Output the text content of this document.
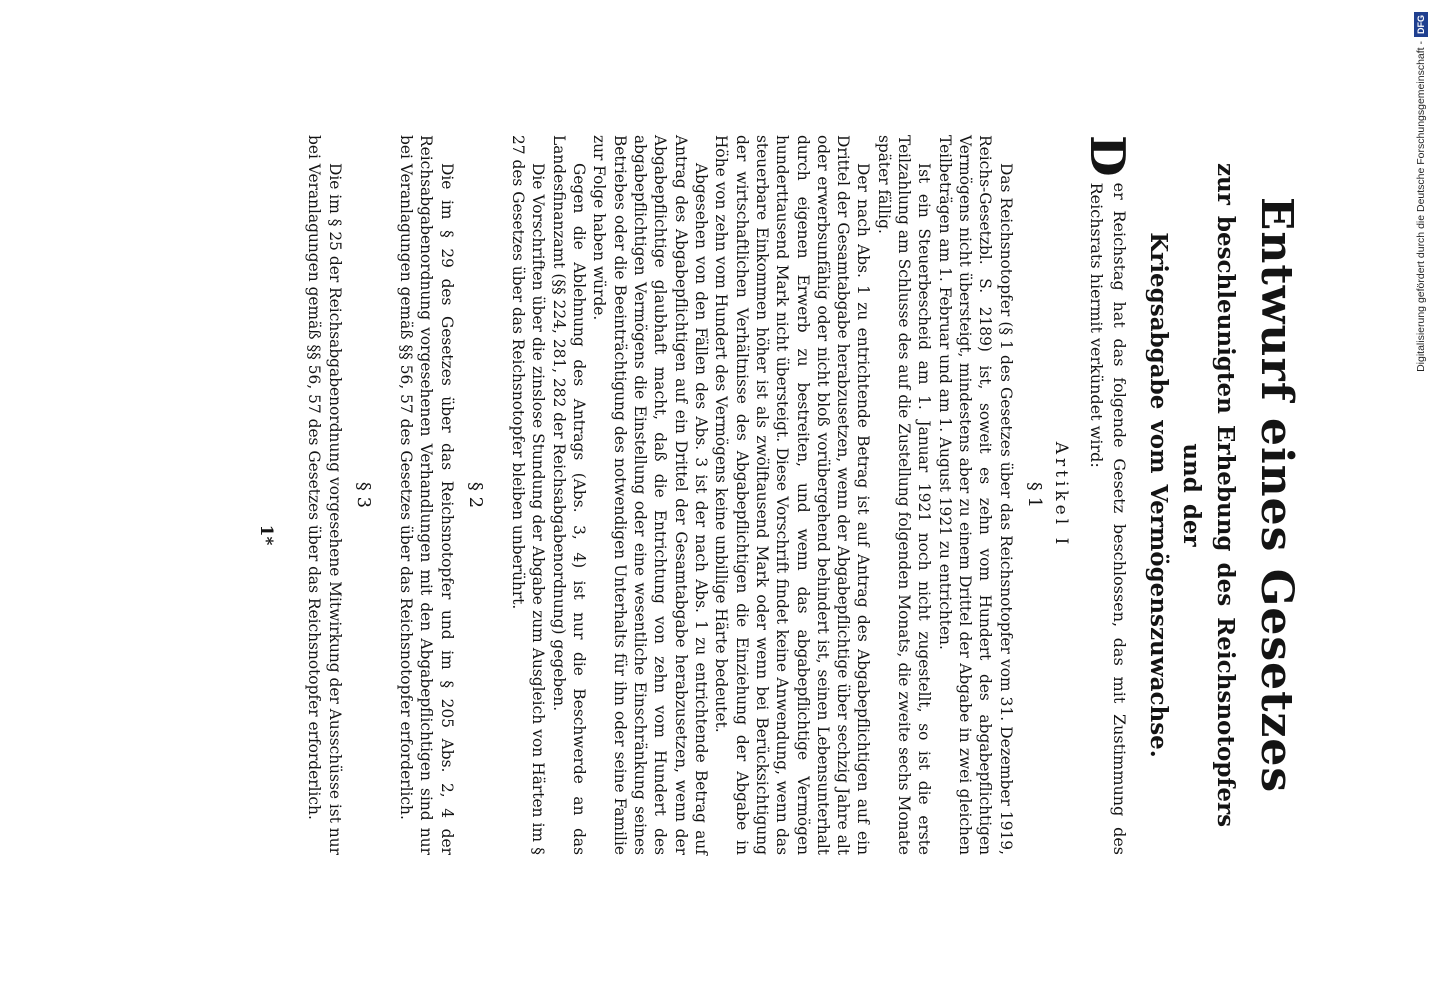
Entwurf eines Gesetzes
zur beschleunigten Erhebung des Reichsnotopfers und der
Kriegsabgabe vom Vermögenszuwachse.

D
er Reichstag hat das folgende Gesetz beschlossen, das mit Zustimmung des Reichsrats hiermit verkündet wird:

Artikel I
§ 1

Das Reichsnotopfer (§ 1 des Gesetzes über das Reichsnotopfer vom 31. Dezember 1919, Reichs-Gesetzbl. S. 2189) ist, soweit es zehn vom Hundert des abgabepflichtigen Vermögens nicht übersteigt, mindestens aber zu einem Drittel der Abgabe in zwei gleichen Teilbeträgen am 1. Februar und am 1. August 1921 zu entrichten.

Ist ein Steuerbescheid am 1. Januar 1921 noch nicht zugestellt, so ist die erste Teilzahlung am Schlusse des auf die Zustellung folgenden Monats, die zweite sechs Monate später fällig.

Der nach Abs. 1 zu entrichtende Betrag ist auf Antrag des Abgabepflichtigen auf ein Drittel der Gesamtabgabe herabzusetzen, wenn der Abgabepflichtige über sechzig Jahre alt oder erwerbsunfähig oder nicht bloß vorübergehend behindert ist, seinen Lebensunterhalt durch eigenen Erwerb zu bestreiten, und wenn das abgabepflichtige Vermögen hunderttausend Mark nicht übersteigt. Diese Vorschrift findet keine Anwendung, wenn das steuerbare Einkommen höher ist als zwölftausend Mark oder wenn bei Berücksichtigung der wirtschaftlichen Verhältnisse des Abgabepflichtigen die Einziehung der Abgabe in Höhe von zehn vom Hundert des Vermögens keine unbillige Härte bedeutet.

Abgesehen von den Fällen des Abs. 3 ist der nach Abs. 1 zu entrichtende Betrag auf Antrag des Abgabepflichtigen auf ein Drittel der Gesamtabgabe herabzusetzen, wenn der Abgabepflichtige glaubhaft macht, daß die Entrichtung von zehn vom Hundert des abgabepflichtigen Vermögens die Einstellung oder eine wesentliche Einschränkung seines Betriebes oder die Beeinträchtigung des notwendigen Unterhalts für ihn oder seine Familie zur Folge haben würde.

Gegen die Ablehnung des Antrags (Abs. 3, 4) ist nur die Beschwerde an das Landesfinanzamt (§§ 224, 281, 282 der Reichsabgabenordnung) gegeben.

Die Vorschriften über die zinslose Stundung der Abgabe zum Ausgleich von Härten im § 27 des Gesetzes über das Reichsnotopfer bleiben unberührt.

§ 2

Die im § 29 des Gesetzes über das Reichsnotopfer und im § 205 Abs. 2, 4 der Reichsabgabenordnung vorgesehenen Verhandlungen mit den Abgabepflichtigen sind nur bei Veranlagungen gemäß §§ 56, 57 des Gesetzes über das Reichsnotopfer erforderlich.

§ 3

Die im § 25 der Reichsabgabenordnung vorgesehene Mitwirkung der Ausschüsse ist nur bei Veranlagungen gemäß §§ 56, 57 des Gesetzes über das Reichsnotopfer erforderlich.

1*
Digitalisierung gefördert durch die Deutsche Forschungsgemeinschaft -DFG
